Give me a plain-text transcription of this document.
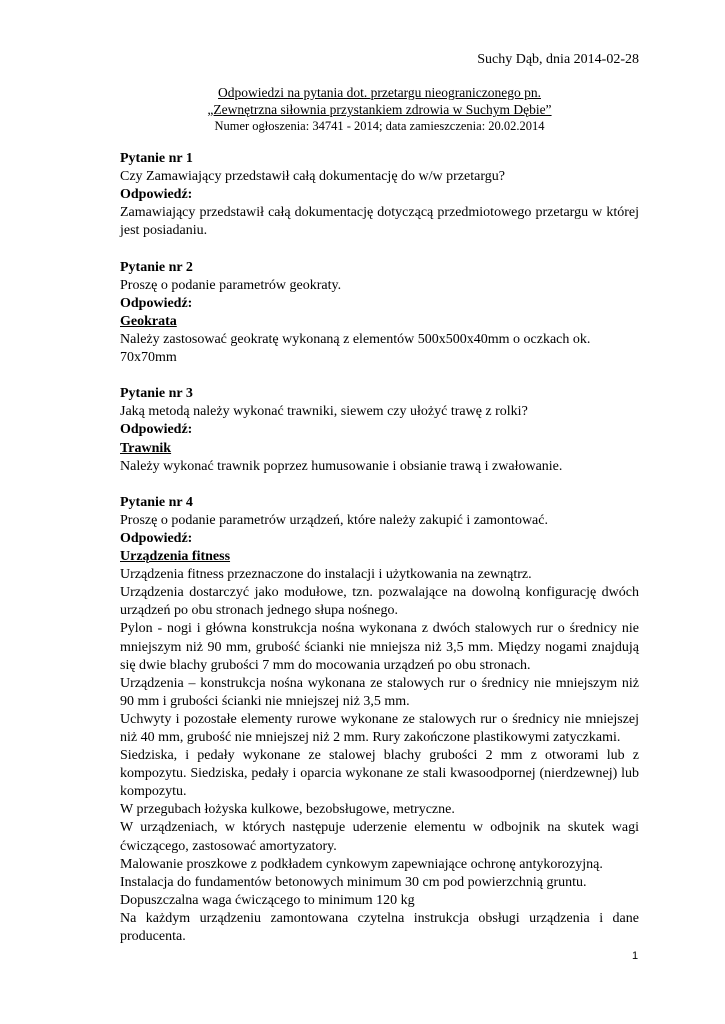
Suchy Dąb, dnia 2014-02-28
Odpowiedzi na pytania dot. przetargu nieograniczonego pn.
„Zewnętrzna siłownia przystankiem zdrowia w Suchym Dębie”
Numer ogłoszenia: 34741 - 2014; data zamieszczenia: 20.02.2014

Pytanie nr 1

Czy Zamawiający przedstawił całą dokumentację do w/w przetargu?

Odpowiedź:

Zamawiający przedstawił całą dokumentację dotyczącą przedmiotowego przetargu w której jest posiadaniu.

Pytanie nr 2

Proszę o podanie parametrów geokraty.

Odpowiedź:

Geokrata

Należy zastosować geokratę wykonaną z elementów 500x500x40mm o oczkach ok. 70x70mm

Pytanie nr 3

Jaką metodą należy wykonać trawniki, siewem czy ułożyć trawę z rolki?

Odpowiedź:

Trawnik

Należy wykonać trawnik poprzez humusowanie i obsianie trawą i zwałowanie.

Pytanie nr 4

Proszę o podanie parametrów urządzeń, które należy zakupić i zamontować.

Odpowiedź:

Urządzenia fitness

Urządzenia fitness przeznaczone do instalacji i użytkowania na zewnątrz.

Urządzenia dostarczyć jako modułowe, tzn. pozwalające na dowolną konfigurację dwóch urządzeń po obu stronach jednego słupa nośnego.

Pylon - nogi i główna konstrukcja nośna wykonana z dwóch stalowych rur o średnicy nie mniejszym niż 90 mm, grubość ścianki nie mniejsza niż 3,5 mm. Między nogami znajdują się dwie blachy grubości 7 mm do mocowania urządzeń po obu stronach.

Urządzenia – konstrukcja nośna wykonana ze stalowych rur o średnicy nie mniejszym niż 90 mm i grubości ścianki nie mniejszej niż 3,5 mm.

Uchwyty i pozostałe elementy rurowe wykonane ze stalowych rur o średnicy nie mniejszej niż 40 mm, grubość nie mniejszej niż 2 mm. Rury zakończone plastikowymi zatyczkami.

Siedziska, i pedały wykonane ze stalowej blachy grubości 2 mm z otworami lub z kompozytu. Siedziska, pedały i oparcia wykonane ze stali kwasoodpornej (nierdzewnej) lub kompozytu.

W przegubach łożyska kulkowe, bezobsługowe, metryczne.

W urządzeniach, w których następuje uderzenie elementu w odbojnik na skutek wagi ćwiczącego, zastosować amortyzatory.

Malowanie proszkowe z podkładem cynkowym zapewniające ochronę antykorozyjną.

Instalacja do fundamentów betonowych minimum 30 cm pod powierzchnią gruntu.

Dopuszczalna waga ćwiczącego to minimum 120 kg

Na każdym urządzeniu zamontowana czytelna instrukcja obsługi urządzenia i dane producenta.

1
